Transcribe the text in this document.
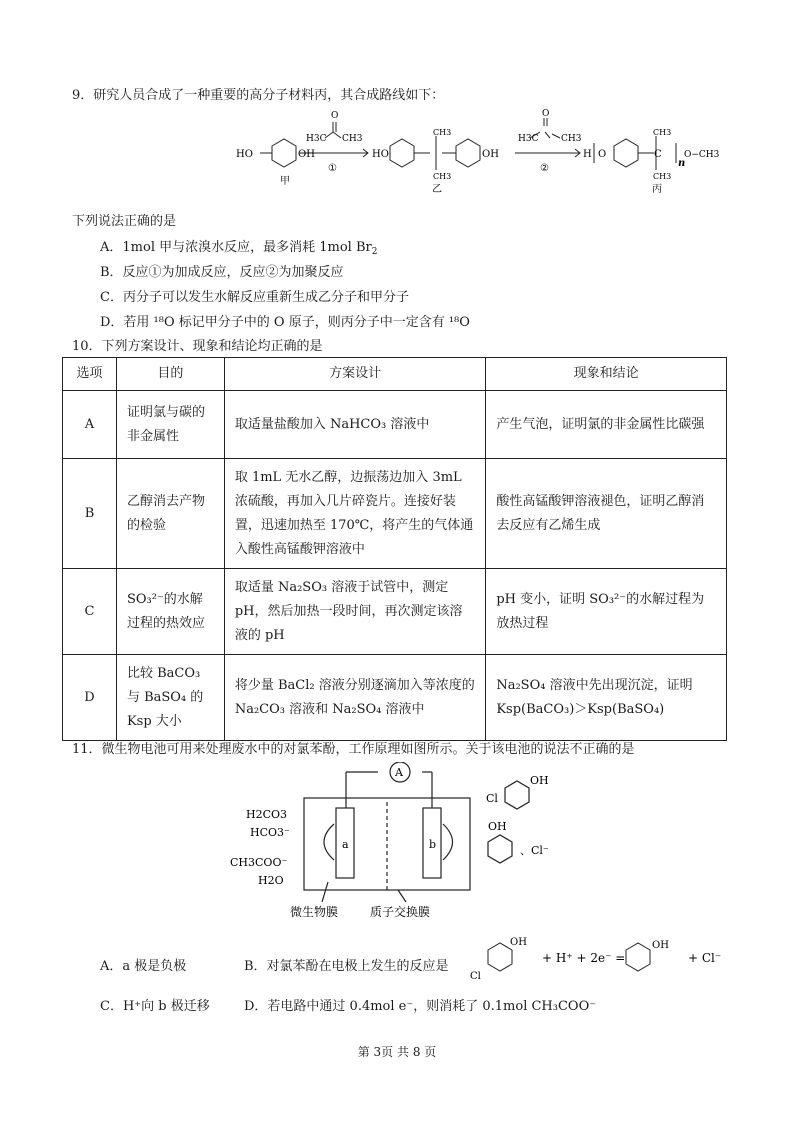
9．研究人员合成了一种重要的高分子材料丙，其合成路线如下：
HO	OH
甲
H3C CH3
O
①
HO
CH3
CH3
OH
乙
H3C	CH3
O
②
H O
CH3
CH3
丙
C
n
O−CH3
下列说法正确的是
A．1mol 甲与浓溴水反应，最多消耗 1mol $Br_2$
B．反应①为加成反应，反应②为加聚反应
C．丙分子可以发生水解反应重新生成乙分子和甲分子
D．若用 ¹⁸O 标记甲分子中的 O 原子，则丙分子中一定含有 ¹⁸O
10．下列方案设计、现象和结论均正确的是
选项	目的	方案设计	现象和结论
A	证明氯与碳的非金属性	取适量盐酸加入 NaHCO₃ 溶液中	产生气泡，证明氯的非金属性比碳强
B	乙醇消去产物的检验	取 1mL 无水乙醇，边振荡边加入 3mL 浓硫酸，再加入几片碎瓷片。连接好装置，迅速加热至 170℃，将产生的气体通入酸性高锰酸钾溶液中	酸性高锰酸钾溶液褪色，证明乙醇消去反应有乙烯生成
C	SO₃²⁻的水解过程的热效应	取适量 Na₂SO₃ 溶液于试管中，测定 pH，然后加热一段时间，再次测定该溶液的 pH	pH 变小，证明 SO₃²⁻的水解过程为放热过程
D	比较 BaCO₃ 与 BaSO₄ 的 Ksp 大小	将少量 BaCl₂ 溶液分别逐滴加入等浓度的 Na₂CO₃ 溶液和 Na₂SO₄ 溶液中	Na₂SO₄ 溶液中先出现沉淀，证明 Ksp(BaCO₃)＞Ksp(BaSO₄)
11．微生物电池可用来处理废水中的对氯苯酚，工作原理如图所示。关于该电池的说法不正确的是
A
a	b
H2CO3
HCO3⁻
CH3COO⁻
H2O
Cl
OH
OH
、Cl⁻
微生物膜	质子交换膜
A．a 极是负极	B．对氯苯酚在电极上发生的反应是
OH
Cl
+ H⁺ + 2e⁻ =
OH
+ Cl⁻
C．H⁺向 b 极迁移	D．若电路中通过 0.4mol e⁻，则消耗了 0.1mol CH₃COO⁻
第 3页 共 8 页
